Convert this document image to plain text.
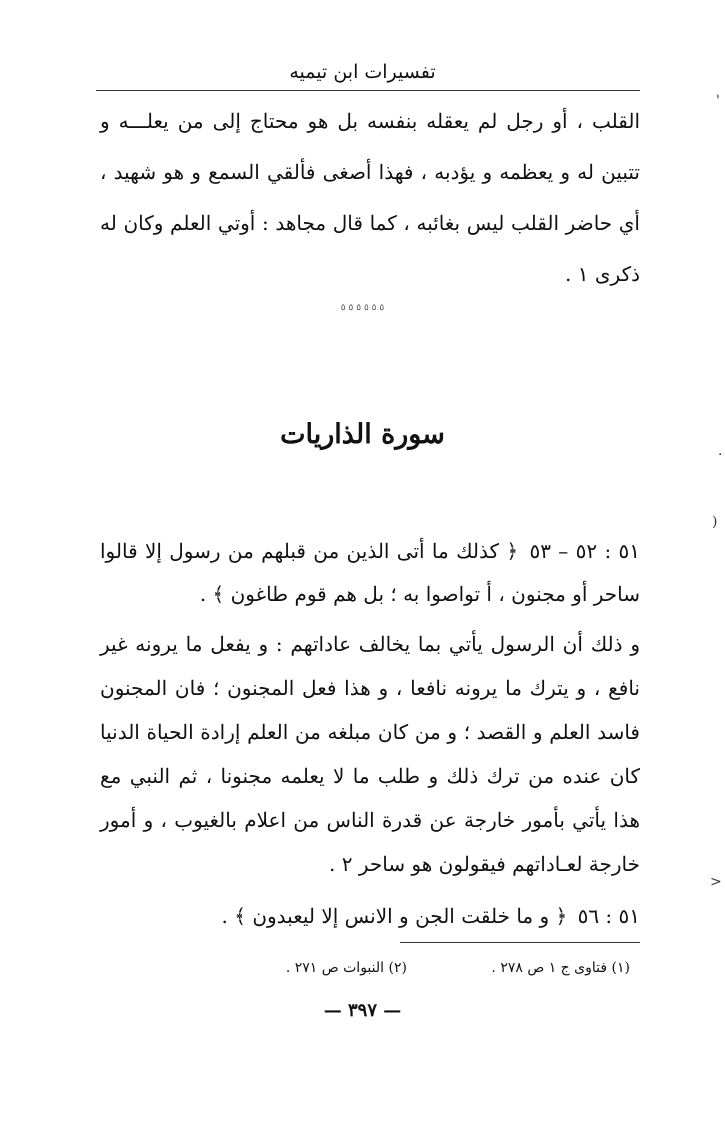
تفسيرات ابن تيميه

القلب ، أو رجل لم يعقله بنفسه بل هو محتاج إلى من يعلـــه و تتبين له و يعظمه و يؤدبه ، فهذا أصغى فألقي السمع و هو شهيد ، أي حاضر القلب ليس بغائبه ، كما قال مجاهد : أوتي العلم وكان له ذكرى ١ .

٥ ٥ ٥ ٥ ٥ ٥
سورة الذاريات

٥١ : ٥٢ – ٥٣ ﴿ كذلك ما أتى الذين من قبلهم من رسول إلا قالوا ساحر أو مجنون ، أ تواصوا به ؛ بل هم قوم طاغون ﴾ .

و ذلك أن الرسول يأتي بما يخالف عاداتهم : و يفعل ما يرونه غير نافع ، و يترك ما يرونه نافعا ، و هذا فعل المجنون ؛ فان المجنون فاسد العلم و القصد ؛ و من كان مبلغه من العلم إرادة الحياة الدنيا كان عنده من ترك ذلك و طلب ما لا يعلمه مجنونا ، ثم النبي مع هذا يأتي بأمور خارجة عن قدرة الناس من اعلام بالغيوب ، و أمور خارجة لعـاداتهم فيقولون هو ساحر ٢ .

٥١ : ٥٦ ﴿ و ما خلقت الجن و الانس إلا ليعبدون ﴾ .

(١) فتاوى ج ١ ص ٢٧٨ . (٢) النبوات ص ٢٧١ .
— ٣٩٧ —
'
·
)
>
